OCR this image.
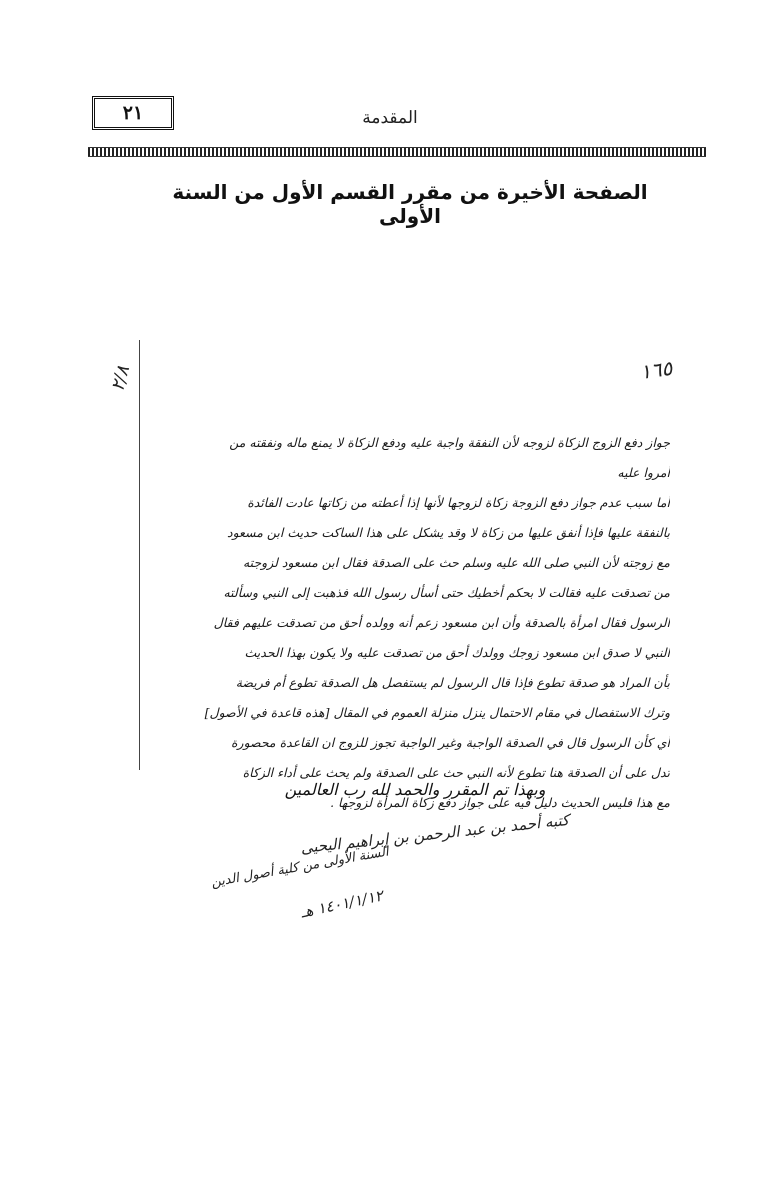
٢١	المقدمة
الصفحة الأخيرة من مقرر القسم الأول من السنة الأولى
١٦٥
٢/٨

جواز دفع الزوج الزكاة لزوجه لأن النفقة واجبة عليه ودفع الزكاة لا يمنع ماله ونفقته من

أمروا عليه

أما سبب عدم جواز دفع الزوجة زكاة لزوجها لأنها إذا أعطته من زكاتها عادت الفائدة

بالنفقة عليها فإذا أنفق عليها من زكاة لا وقد يشكل على هذا الساكت حديث ابن مسعود

مع زوجته لأن النبي صلى الله عليه وسلم حث على الصدقة فقال ابن مسعود لزوجته

من تصدقت عليه فقالت لا بحكم أخطيك حتى أسأل رسول الله فذهبت إلى النبي وسألته

الرسول فقال امرأة بالصدقة وأن ابن مسعود زعم أنه وولده أحق من تصدقت عليهم فقال

النبي لا صدق ابن مسعود زوجك وولدك أحق من تصدقت عليه ولا يكون بهذا الحديث

بأن المراد هو صدقة تطوع فإذا قال الرسول لم يستفصل هل الصدقة تطوع أم فريضة

وترك الاستفصال في مقام الاحتمال ينزل منزلة العموم في المقال [هذه قاعدة في الأصول]

أي كأن الرسول قال في الصدقة الواجبة وغير الواجبة تجوز للزوج ان القاعدة محصورة

تدل على أن الصدقة هنا تطوع لأنه النبي حث على الصدقة ولم يحث على أداء الزكاة

مع هذا فليس الحديث دليل فيه على جواز دفع زكاة المرأة لزوجها .

وبهذا تم المقرر والحمد لله رب العالمين
كتبه أحمد بن عبد الرحمن بن إبراهيم اليحيى
السنة الأولى من كلية أصول الدين
١٤٠١/١/١٢ هـ
